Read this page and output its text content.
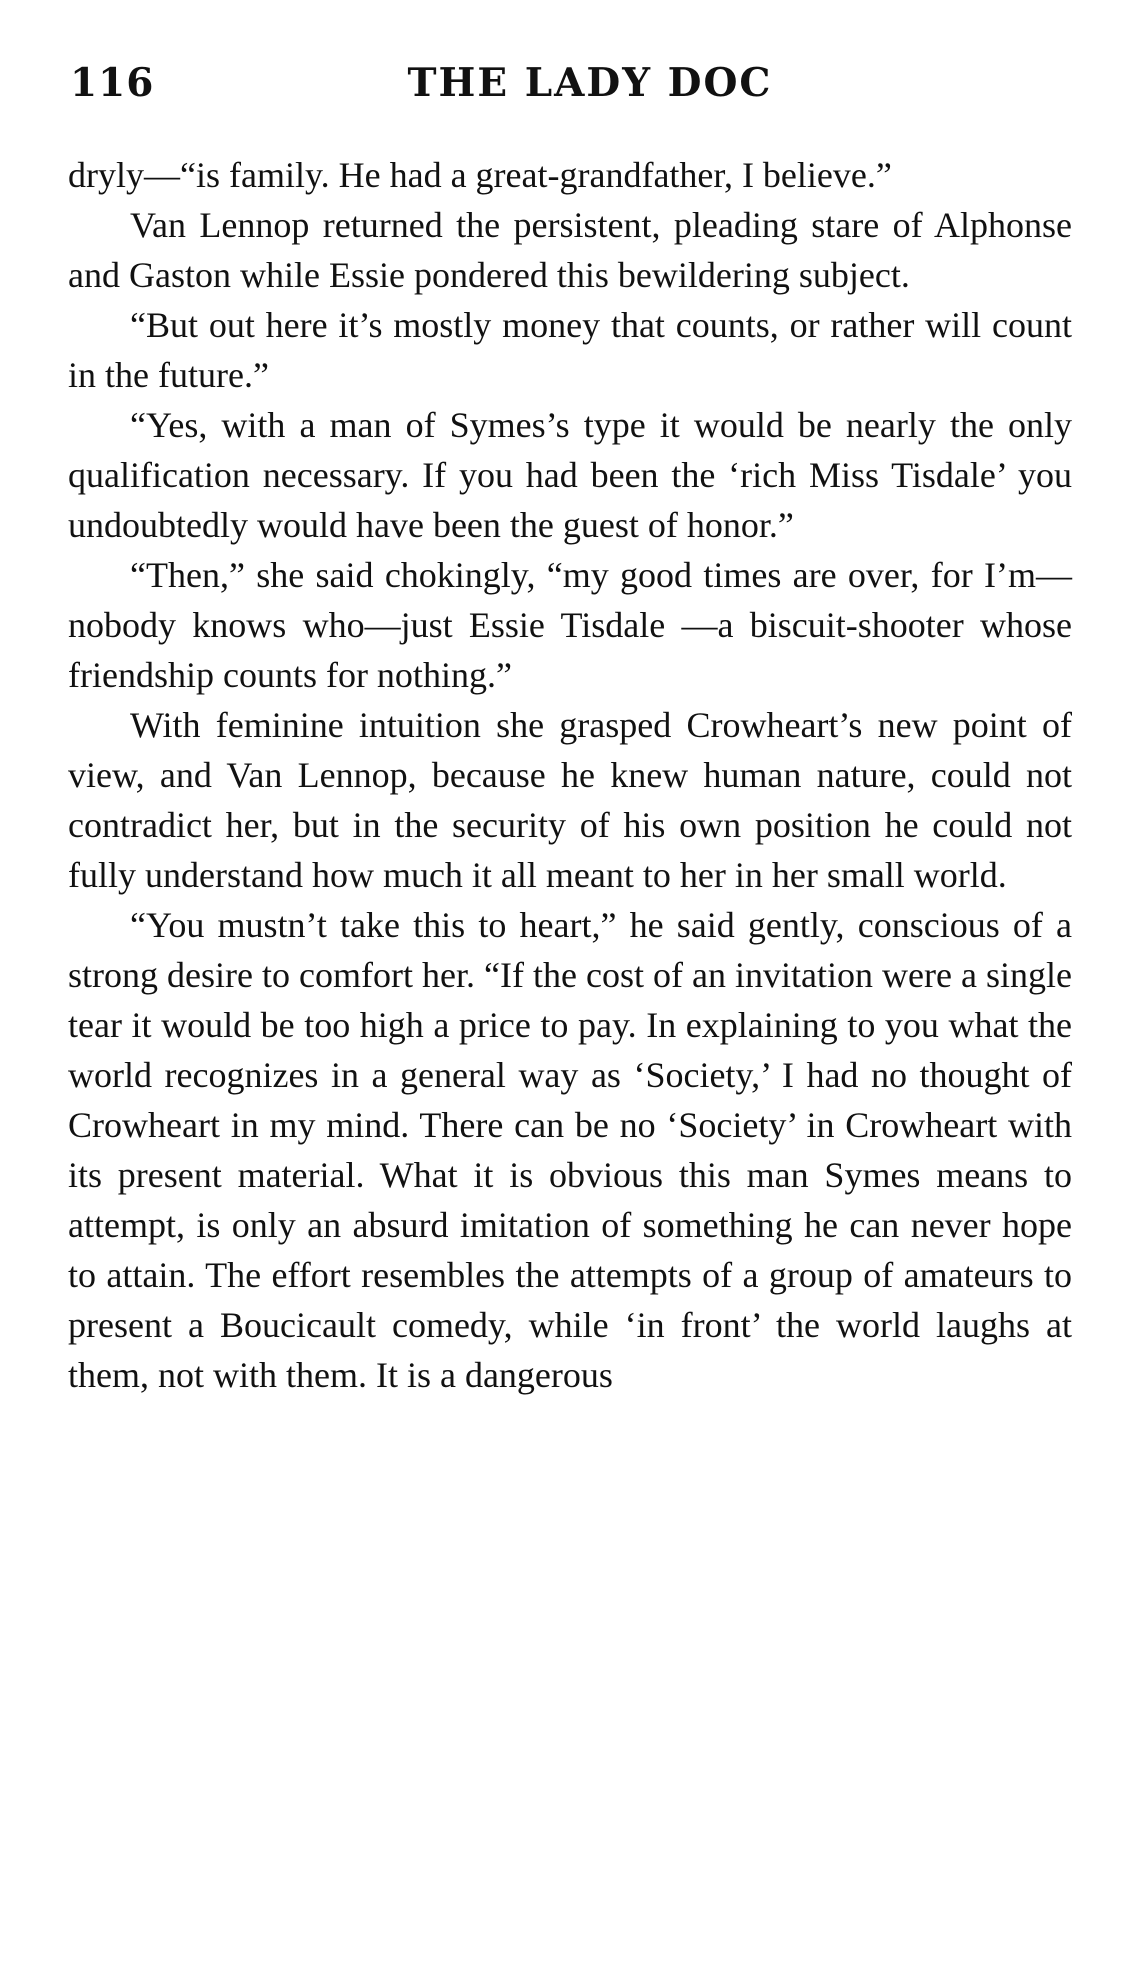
116	THE LADY DOC

dryly—“is family. He had a great-grandfather, I believe.”

Van Lennop returned the persistent, pleading stare of Alphonse and Gaston while Essie pondered this bewildering subject.

“But out here it’s mostly money that counts, or rather will count in the future.”

“Yes, with a man of Symes’s type it would be nearly the only qualification necessary. If you had been the ‘rich Miss Tisdale’ you undoubtedly would have been the guest of honor.”

“Then,” she said chokingly, “my good times are over, for I’m—nobody knows who—just Essie Tisdale —a biscuit-shooter whose friendship counts for nothing.”

With feminine intuition she grasped Crowheart’s new point of view, and Van Lennop, because he knew human nature, could not contradict her, but in the security of his own position he could not fully understand how much it all meant to her in her small world.

“You mustn’t take this to heart,” he said gently, conscious of a strong desire to comfort her. “If the cost of an invitation were a single tear it would be too high a price to pay. In explaining to you what the world recognizes in a general way as ‘Society,’ I had no thought of Crowheart in my mind. There can be no ‘Society’ in Crowheart with its present material. What it is obvious this man Symes means to attempt, is only an absurd imitation of something he can never hope to attain. The effort resembles the attempts of a group of amateurs to present a Boucicault comedy, while ‘in front’ the world laughs at them, not with them. It is a dangerous
